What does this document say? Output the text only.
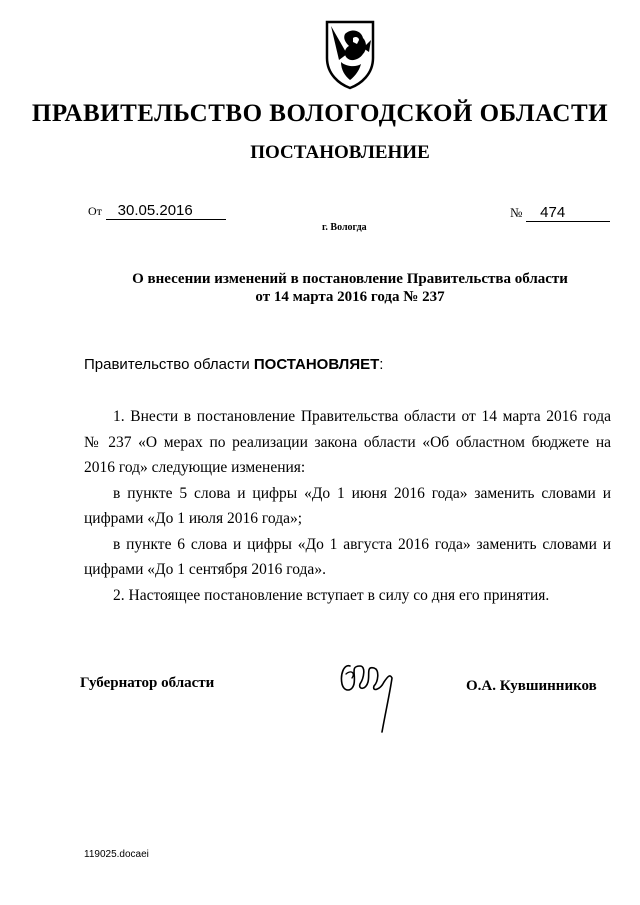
ПРАВИТЕЛЬСТВО ВОЛОГОДСКОЙ ОБЛАСТИ
ПОСТАНОВЛЕНИЕ
От 30.05.2016	№ 474
г. Вологда
О внесении изменений в постановление Правительства области
от 14 марта 2016 года № 237
Правительство области ПОСТАНОВЛЯЕТ:

1. Внести в постановление Правительства области от 14 марта 2016 года № 237 «О мерах по реализации закона области «Об областном бюджете на 2016 год» следующие изменения:

в пункте 5 слова и цифры «До 1 июня 2016 года» заменить словами и цифрами «До 1 июля 2016 года»;

в пункте 6 слова и цифры «До 1 августа 2016 года» заменить словами и цифрами «До 1 сентября 2016 года».

2. Настоящее постановление вступает в силу со дня его принятия.

Губернатор области	О.А. Кувшинников
119025.docaei
